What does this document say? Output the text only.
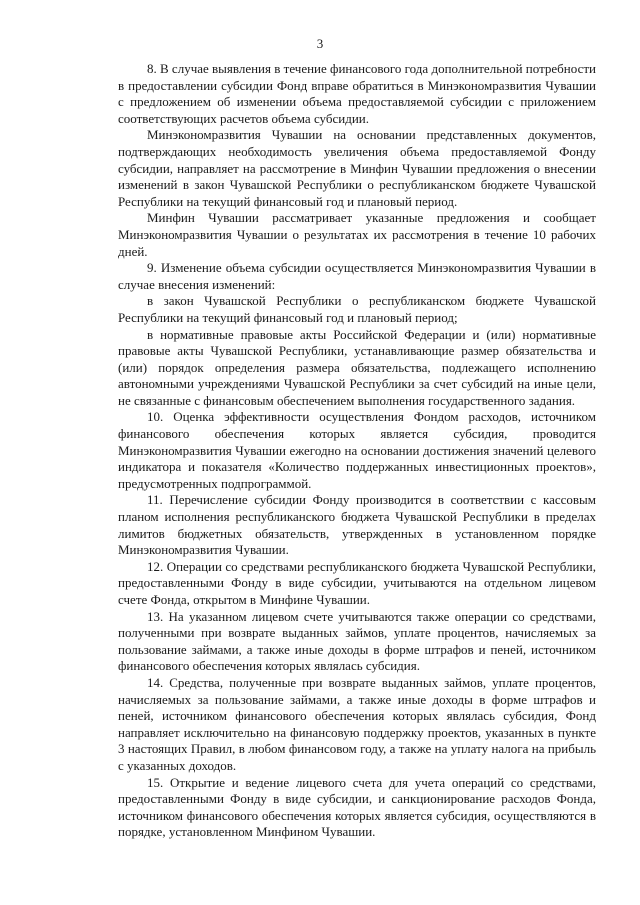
3

8. В случае выявления в течение финансового года дополнительной потребности в предоставлении субсидии Фонд вправе обратиться в Минэкономразвития Чувашии с предложением об изменении объема предоставляемой субсидии с приложением соответствующих расчетов объема субсидии.

Минэкономразвития Чувашии на основании представленных документов, подтверждающих необходимость увеличения объема предоставляемой Фонду субсидии, направляет на рассмотрение в Минфин Чувашии предложения о внесении изменений в закон Чувашской Республики о республиканском бюджете Чувашской Республики на текущий финансовый год и плановый период.

Минфин Чувашии рассматривает указанные предложения и сообщает Минэкономразвития Чувашии о результатах их рассмотрения в течение 10 рабочих дней.

9. Изменение объема субсидии осуществляется Минэкономразвития Чувашии в случае внесения изменений:

в закон Чувашской Республики о республиканском бюджете Чувашской Республики на текущий финансовый год и плановый период;

в нормативные правовые акты Российской Федерации и (или) нормативные правовые акты Чувашской Республики, устанавливающие размер обязательства и (или) порядок определения размера обязательства, подлежащего исполнению автономными учреждениями Чувашской Республики за счет субсидий на иные цели, не связанные с финансовым обеспечением выполнения государственного задания.

10. Оценка эффективности осуществления Фондом расходов, источником финансового обеспечения которых является субсидия, проводится Минэкономразвития Чувашии ежегодно на основании достижения значений целевого индикатора и показателя «Количество поддержанных инвестиционных проектов», предусмотренных подпрограммой.

11. Перечисление субсидии Фонду производится в соответствии с кассовым планом исполнения республиканского бюджета Чувашской Республики в пределах лимитов бюджетных обязательств, утвержденных в установленном порядке Минэкономразвития Чувашии.

12. Операции со средствами республиканского бюджета Чувашской Республики, предоставленными Фонду в виде субсидии, учитываются на отдельном лицевом счете Фонда, открытом в Минфине Чувашии.

13. На указанном лицевом счете учитываются также операции со средствами, полученными при возврате выданных займов, уплате процентов, начисляемых за пользование займами, а также иные доходы в форме штрафов и пеней, источником финансового обеспечения которых являлась субсидия.

14. Средства, полученные при возврате выданных займов, уплате процентов, начисляемых за пользование займами, а также иные доходы в форме штрафов и пеней, источником финансового обеспечения которых являлась субсидия, Фонд направляет исключительно на финансовую поддержку проектов, указанных в пункте 3 настоящих Правил, в любом финансовом году, а также на уплату налога на прибыль с указанных доходов.

15. Открытие и ведение лицевого счета для учета операций со средствами, предоставленными Фонду в виде субсидии, и санкционирование расходов Фонда, источником финансового обеспечения которых является субсидия, осуществляются в порядке, установленном Минфином Чувашии.
